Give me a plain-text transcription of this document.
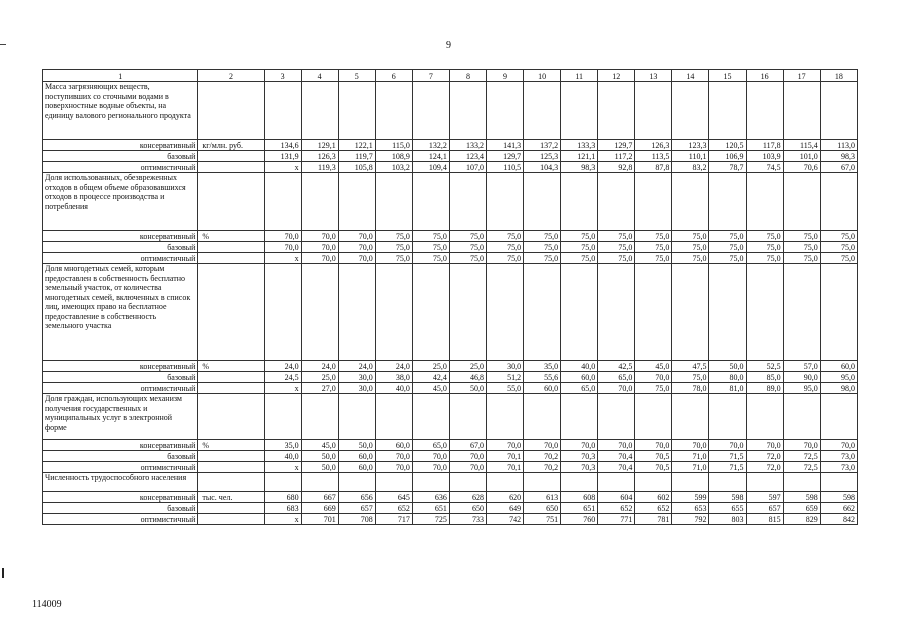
9
1	2	3	4	5	6	7	8	9	10	11	12	13	14	15	16	17	18
Масса загрязняющих веществ, поступивших со сточными водами в поверхностные водные объекты, на единицу валового регионального продукта																	
консервативный	кг/млн. руб.	134,6	129,1	122,1	115,0	132,2	133,2	141,3	137,2	133,3	129,7	126,3	123,3	120,5	117,8	115,4	113,0
базовый		131,9	126,3	119,7	108,9	124,1	123,4	129,7	125,3	121,1	117,2	113,5	110,1	106,9	103,9	101,0	98,3
оптимистичный		х	119,3	105,8	103,2	109,4	107,0	110,5	104,3	98,3	92,8	87,8	83,2	78,7	74,5	70,6	67,0
Доля использованных, обезвреженных отходов в общем объеме образовавшихся отходов в процессе производства и потребления																	
консервативный	%	70,0	70,0	70,0	75,0	75,0	75,0	75,0	75,0	75,0	75,0	75,0	75,0	75,0	75,0	75,0	75,0
базовый		70,0	70,0	70,0	75,0	75,0	75,0	75,0	75,0	75,0	75,0	75,0	75,0	75,0	75,0	75,0	75,0
оптимистичный		х	70,0	70,0	75,0	75,0	75,0	75,0	75,0	75,0	75,0	75,0	75,0	75,0	75,0	75,0	75,0
Доля многодетных семей, которым предоставлен в собственность бесплатно земельный участок, от количества многодетных семей, включенных в список лиц, имеющих право на бесплатное предоставление в собственность земельного участка																	
консервативный	%	24,0	24,0	24,0	24,0	25,0	25,0	30,0	35,0	40,0	42,5	45,0	47,5	50,0	52,5	57,0	60,0
базовый		24,5	25,0	30,0	38,0	42,4	46,8	51,2	55,6	60,0	65,0	70,0	75,0	80,0	85,0	90,0	95,0
оптимистичный		х	27,0	30,0	40,0	45,0	50,0	55,0	60,0	65,0	70,0	75,0	78,0	81,0	89,0	95,0	98,0
Доля граждан, использующих механизм получения государственных и муниципальных услуг в электронной форме																	
консервативный	%	35,0	45,0	50,0	60,0	65,0	67,0	70,0	70,0	70,0	70,0	70,0	70,0	70,0	70,0	70,0	70,0
базовый		40,0	50,0	60,0	70,0	70,0	70,0	70,1	70,2	70,3	70,4	70,5	71,0	71,5	72,0	72,5	73,0
оптимистичный		х	50,0	60,0	70,0	70,0	70,0	70,1	70,2	70,3	70,4	70,5	71,0	71,5	72,0	72,5	73,0
Численность трудоспособного населения																	
консервативный	тыс. чел.	680	667	656	645	636	628	620	613	608	604	602	599	598	597	598	598
базовый		683	669	657	652	651	650	649	650	651	652	652	653	655	657	659	662
оптимистичный		х	701	708	717	725	733	742	751	760	771	781	792	803	815	829	842
114009
